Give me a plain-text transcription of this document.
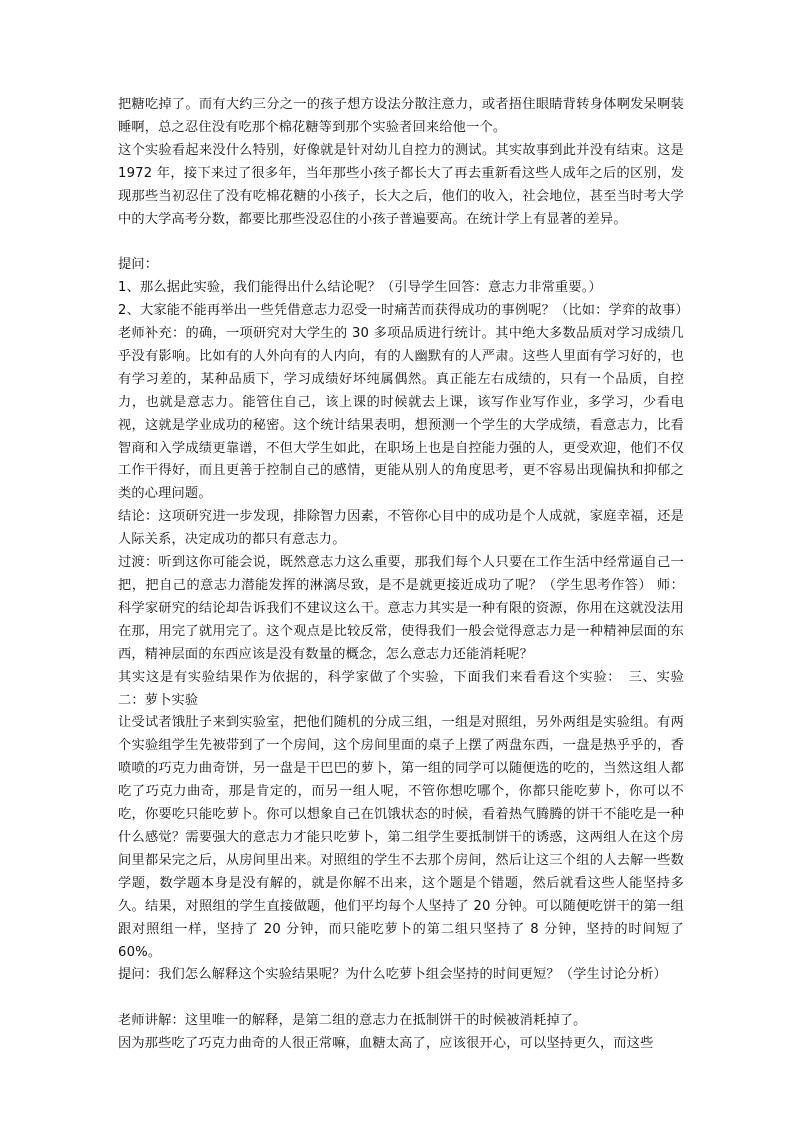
把糖吃掉了。而有大约三分之一的孩子想方设法分散注意力，或者捂住眼睛背转身体啊发呆啊装睡啊，总之忍住没有吃那个棉花糖等到那个实验者回来给他一个。

这个实验看起来没什么特别，好像就是针对幼儿自控力的测试。其实故事到此并没有结束。这是 1972 年，接下来过了很多年，当年那些小孩子都长大了再去重新看这些人成年之后的区别，发现那些当初忍住了没有吃棉花糖的小孩子，长大之后，他们的收入，社会地位，甚至当时考大学中的大学高考分数，都要比那些没忍住的小孩子普遍要高。在统计学上有显著的差异。

提问：

1、那么据此实验，我们能得出什么结论呢？（引导学生回答：意志力非常重要。）

2、大家能不能再举出一些凭借意志力忍受一时痛苦而获得成功的事例呢？（比如：学弈的故事）

老师补充：的确，一项研究对大学生的 30 多项品质进行统计。其中绝大多数品质对学习成绩几乎没有影响。比如有的人外向有的人内向，有的人幽默有的人严肃。这些人里面有学习好的，也有学习差的，某种品质下，学习成绩好坏纯属偶然。真正能左右成绩的，只有一个品质，自控力，也就是意志力。能管住自己，该上课的时候就去上课，该写作业写作业，多学习，少看电视，这就是学业成功的秘密。这个统计结果表明，想预测一个学生的大学成绩，看意志力，比看智商和入学成绩更靠谱，不但大学生如此，在职场上也是自控能力强的人，更受欢迎，他们不仅工作干得好，而且更善于控制自己的感情，更能从别人的角度思考，更不容易出现偏执和抑郁之类的心理问题。

结论：这项研究进一步发现，排除智力因素，不管你心目中的成功是个人成就，家庭幸福，还是人际关系，决定成功的都只有意志力。

过渡：听到这你可能会说，既然意志力这么重要，那我们每个人只要在工作生活中经常逼自己一把，把自己的意志力潜能发挥的淋漓尽致，是不是就更接近成功了呢？（学生思考作答） 师：科学家研究的结论却告诉我们不建议这么干。意志力其实是一种有限的资源，你用在这就没法用在那，用完了就用完了。这个观点是比较反常，使得我们一般会觉得意志力是一种精神层面的东西，精神层面的东西应该是没有数量的概念，怎么意志力还能消耗呢？

其实这是有实验结果作为依据的，科学家做了个实验，下面我们来看看这个实验：　三、实验二：萝卜实验

让受试者饿肚子来到实验室，把他们随机的分成三组，一组是对照组，另外两组是实验组。有两个实验组学生先被带到了一个房间，这个房间里面的桌子上摆了两盘东西，一盘是热乎乎的，香喷喷的巧克力曲奇饼，另一盘是干巴巴的萝卜，第一组的同学可以随便选的吃的，当然这组人都吃了巧克力曲奇，那是肯定的，而另一组人呢，不管你想吃哪个，你都只能吃萝卜，你可以不吃，你要吃只能吃萝卜。你可以想象自己在饥饿状态的时候，看着热气腾腾的饼干不能吃是一种什么感觉？需要强大的意志力才能只吃萝卜，第二组学生要抵制饼干的诱惑，这两组人在这个房间里都呆完之后，从房间里出来。对照组的学生不去那个房间，然后让这三个组的人去解一些数学题，数学题本身是没有解的，就是你解不出来，这个题是个错题，然后就看这些人能坚持多久。结果，对照组的学生直接做题，他们平均每个人坚持了 20 分钟。可以随便吃饼干的第一组跟对照组一样，坚持了 20 分钟，而只能吃萝卜的第二组只坚持了 8 分钟，坚持的时间短了 60%。

提问：我们怎么解释这个实验结果呢？为什么吃萝卜组会坚持的时间更短？（学生讨论分析）

老师讲解：这里唯一的解释，是第二组的意志力在抵制饼干的时候被消耗掉了。

因为那些吃了巧克力曲奇的人很正常嘛，血糖太高了，应该很开心，可以坚持更久，而这些
